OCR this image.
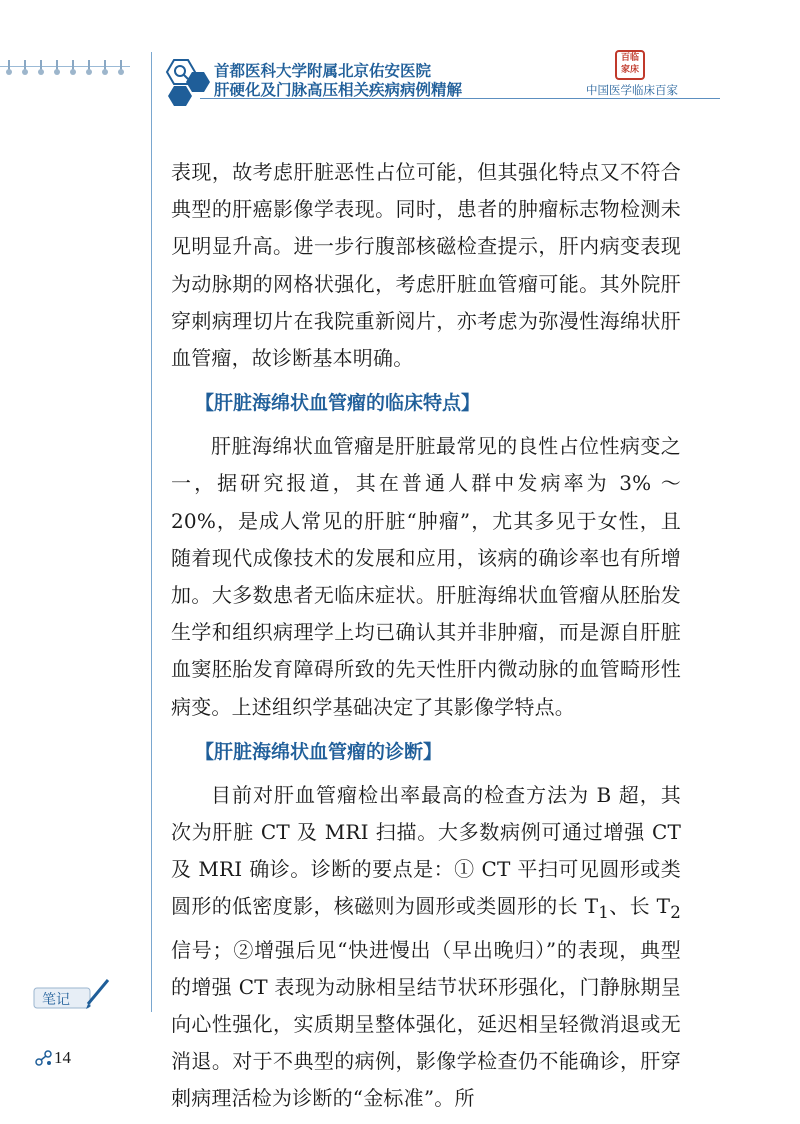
首都医科大学附属北京佑安医院
肝硬化及门脉高压相关疾病病例精解
百临家床
中国医学临床百家

表现，故考虑肝脏恶性占位可能，但其强化特点又不符合典型的肝癌影像学表现。同时，患者的肿瘤标志物检测未见明显升高。进一步行腹部核磁检查提示，肝内病变表现为动脉期的网格状强化，考虑肝脏血管瘤可能。其外院肝穿刺病理切片在我院重新阅片，亦考虑为弥漫性海绵状肝血管瘤，故诊断基本明确。

【肝脏海绵状血管瘤的临床特点】

肝脏海绵状血管瘤是肝脏最常见的良性占位性病变之一，据研究报道，其在普通人群中发病率为 3% ～ 20%，是成人常见的肝脏“肿瘤”，尤其多见于女性，且随着现代成像技术的发展和应用，该病的确诊率也有所增加。大多数患者无临床症状。肝脏海绵状血管瘤从胚胎发生学和组织病理学上均已确认其并非肿瘤，而是源自肝脏血窦胚胎发育障碍所致的先天性肝内微动脉的血管畸形性病变。上述组织学基础决定了其影像学特点。

【肝脏海绵状血管瘤的诊断】

目前对肝血管瘤检出率最高的检查方法为 B 超，其次为肝脏 CT 及 MRI 扫描。大多数病例可通过增强 CT 及 MRI 确诊。诊断的要点是：① CT 平扫可见圆形或类圆形的低密度影，核磁则为圆形或类圆形的长 $T_1$、长 $T_2$ 信号；②增强后见“快进慢出（早出晚归）”的表现，典型的增强 CT 表现为动脉相呈结节状环形强化，门静脉期呈向心性强化，实质期呈整体强化，延迟相呈轻微消退或无消退。对于不典型的病例，影像学检查仍不能确诊，肝穿刺病理活检为诊断的“金标准”。所

笔记
14
